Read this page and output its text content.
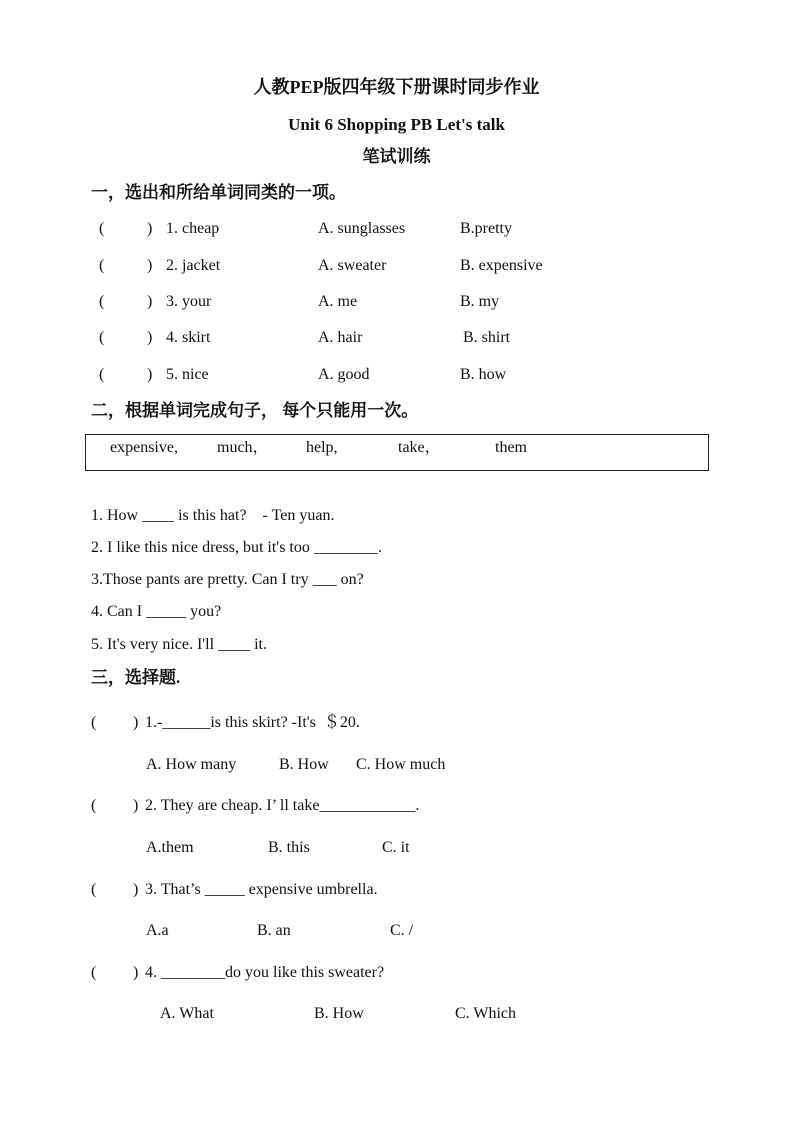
人教PEP版四年级下册课时同步作业
Unit 6 Shopping PB Let's talk
笔试训练
一，选出和所给单词同类的一项。
(	) 1. cheap	A. sunglasses	B.pretty
(	) 2. jacket	A. sweater	B. expensive
(	) 3. your	A. me	B. my
(	) 4. skirt	A. hair	B. shirt
(	) 5. nice	A. good	B. how
二，根据单词完成句子， 每个只能用一次。
expensive, much， help,	take，	them
1. How ____ is this hat?    - Ten yuan.
2. I like this nice dress, but it's too ________.
3.Those pants are pretty. Can I try ___ on?
4. Can I _____ you?
5. It's very nice. I'll ____ it.
三，选择题.
( ) 1.-______is this skirt? -It's  ＄20.
A. How many	B. How C. How much
( ) 2. They are cheap. I’ ll take____________.
A.them	B. this	C. it
( ) 3. That’s _____ expensive umbrella.
A.a	B. an	C. /
( ) 4. ________do you like this sweater?
A. What	B. How	C. Which
